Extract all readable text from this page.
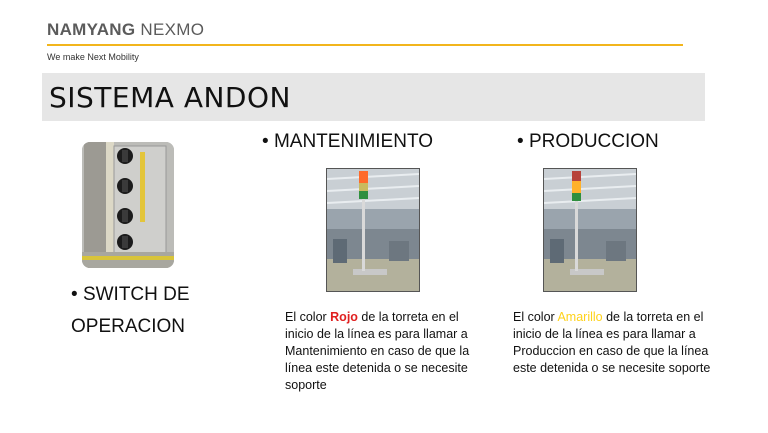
NAMYANG NEXMO
We make Next Mobility
SISTEMA ANDON
• SWITCH DE OPERACION
• MANTENIMIENTO
El color Rojo de la torreta en el inicio de la línea es para llamar a Mantenimiento en caso de que la línea este detenida o se necesite soporte
• PRODUCCION
El color Amarillo de la torreta en el inicio de la línea es para llamar a Produccion en caso de que la línea este detenida o se necesite soporte
